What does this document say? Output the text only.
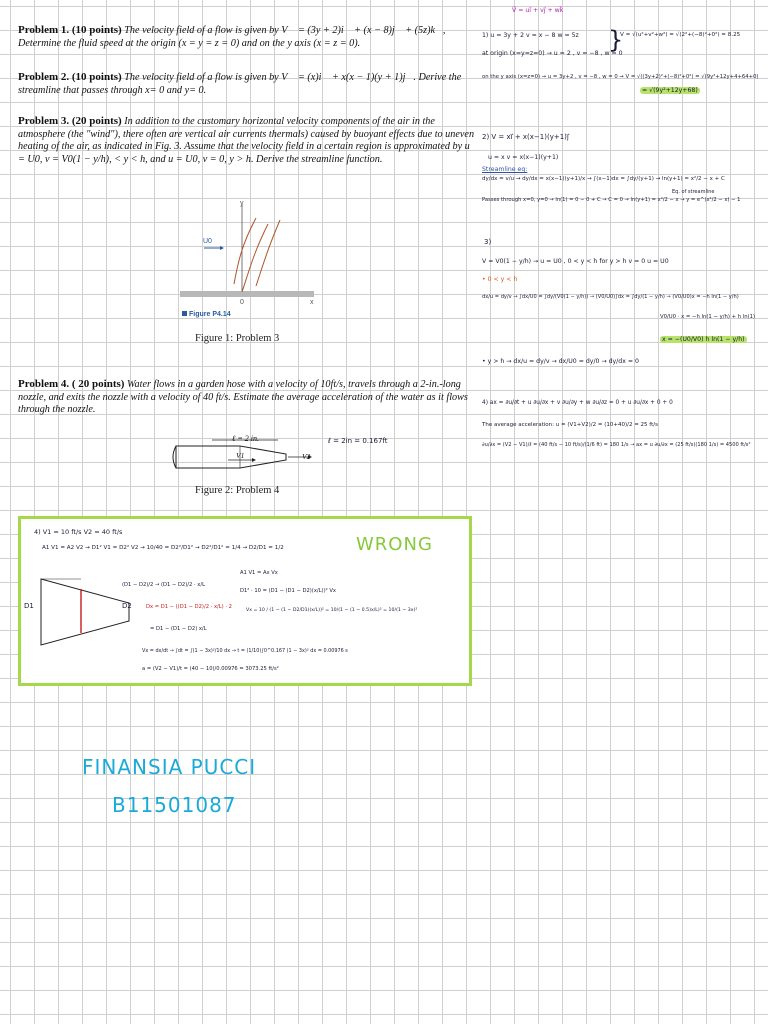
Problem 1. (10 points) The velocity field of a flow is given by V⃗ = (3y + 2)i⃗ + (x − 8)j⃗ + (5z)k⃗, Determine the fluid speed at the origin (x = y = z = 0) and on the y axis (x = z = 0).
Problem 2. (10 points) The velocity field of a flow is given by V⃗ = (x)i⃗ + x(x − 1)(y + 1)j⃗. Derive the streamline that passes through x= 0 and y= 0.
Problem 3. (20 points) In addition to the customary horizontal velocity components of the air in the atmosphere (the "wind"), there often are vertical air currents thermals) caused by buoyant effects due to uneven heating of the air, as indicated in Fig. 3. Assume that the velocity field in a certain region is approximated by u = U0, v = V0(1 − y/h), < y < h, and u = U0, v = 0, y > h. Derive the streamline function.
y
U0
0	x
Figure P4.14
Figure 1: Problem 3
Problem 4. ( 20 points) Water flows in a garden hose with a velocity of 10ft/s, travels through a 2-in.-long nozzle, and exits the nozzle with a velocity of 40 ft/s. Estimate the average acceleration of the water as it flows through the nozzle.
ℓ = 2 in.
V1	V2
ℓ = 2in = 0.167ft
Figure 2: Problem 4
V⃗ = ui⃗ + vj⃗ + wk⃗
1) u = 3y + 2 v = x − 8 w = 5z
at origin (x=y=z=0) → u = 2 , v = −8 , w = 0
}
V = √(u²+v²+w²) = √(2²+(−8)²+0²) = 8.25
on the y axis (x=z=0) → u = 3y+2 , v = −8 , w = 0 → V = √((3y+2)²+(−8)²+0²) = √(9y²+12y+4+64+0)
= √(9y²+12y+68)
2) V = xi⃗ + x(x−1)(y+1)j⃗
u = x v = x(x−1)(y+1)
Streamline eq:
Eq. of streamline
dy/dx = v/u → dy/dx = x(x−1)(y+1)/x → ∫(x−1)dx = ∫dy/(y+1) → ln(y+1) = x²/2 − x + C
Passes through x=0, y=0 → ln(1) = 0 − 0 + C → C = 0 → ln(y+1) = x²/2 − x → y = e^(x²/2 − x) − 1
3)
V = V0(1 − y/h) → u = U0 , 0 < y < h for y > h v = 0 u = U0
• 0 < y < h
dx/u = dy/v → ∫dx/U0 = ∫dy/(V0(1 − y/h)) → (V0/U0)∫dx = ∫dy/(1 − y/h) → (V0/U0)x = −h ln(1 − y/h)
V0/U0 · x = −h ln(1 − y/h) + h ln(1)
x = −(U0/V0) h ln(1 − y/h)
• y > h → dx/u = dy/v → dx/U0 = dy/0 → dy/dx = 0
4) ax = ∂u/∂t + u ∂u/∂x + v ∂u/∂y + w ∂u/∂z = 0 + u ∂u/∂x + 0 + 0
The average acceleration: u = (V1+V2)/2 = (10+40)/2 = 25 ft/s
∂u/∂x = (V2 − V1)/ℓ = (40 ft/s − 10 ft/s)/(1/6 ft) = 180 1/s → ax = u ∂u/∂x = (25 ft/s)(180 1/s) = 4500 ft/s²
WRONG
4) V1 = 10 ft/s V2 = 40 ft/s
A1 V1 = A2 V2 → D1² V1 = D2² V2 → 10/40 = D2²/D1² → D2²/D1² = 1/4 → D2/D1 = 1/2
D1	D2
(D1 − D2)/2 → (D1 − D2)/2 · x/L
Dx = D1 − ((D1 − D2)/2 · x/L) · 2
= D1 − (D1 − D2) x/L
A1 V1 = Ax Vx
D1² · 10 = (D1 − (D1 − D2)(x/L))² Vx
Vx = 10 / (1 − (1 − D2/D1)(x/L))² = 10/(1 − (1 − 0.5)x/L)² = 10/(1 − 3x)²
Vx = dx/dt → ∫dt = ∫(1 − 3x)²/10 dx → t = (1/10)∫0^0.167 (1 − 3x)² dx = 0.00976 s
a = (V2 − V1)/t = (40 − 10)/0.00976 = 3073.25 ft/s²
FINANSIA PUCCI
B11501087
